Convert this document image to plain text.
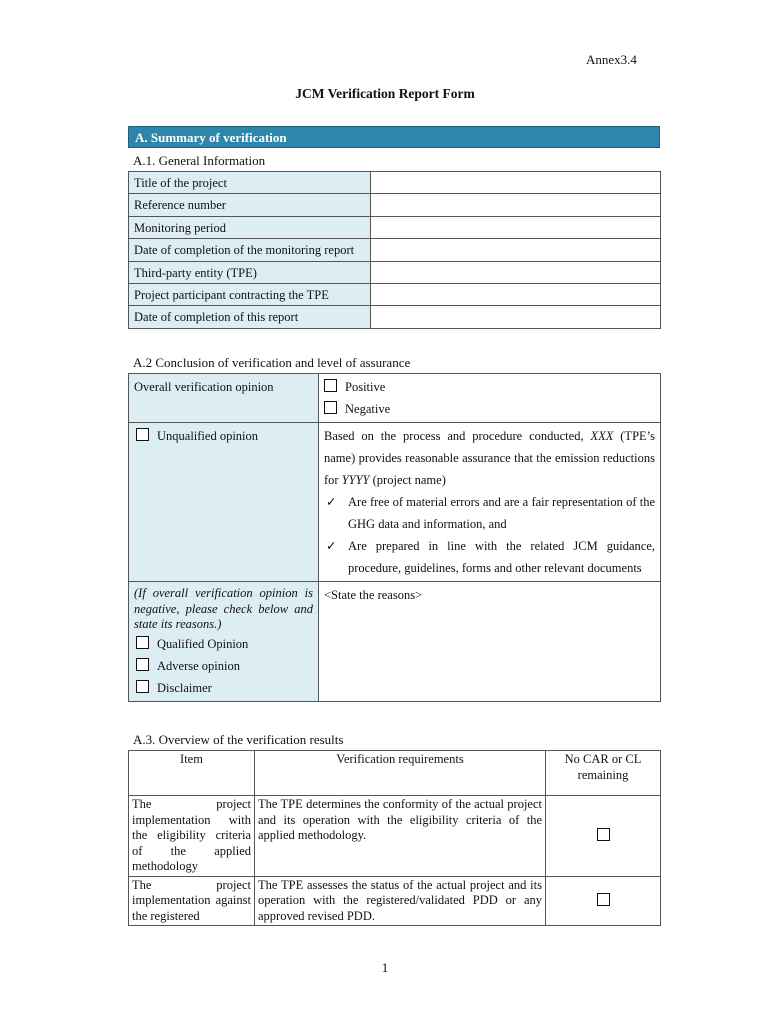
Annex3.4
JCM Verification Report Form
A. Summary of verification
A.1. General Information
Title of the project	
Reference number	
Monitoring period	
Date of completion of the monitoring report	
Third-party entity (TPE)	
Project participant contracting the TPE	
Date of completion of this report	
A.2 Conclusion of verification and level of assurance
Overall verification opinion	Positive
Negative

Unqualified opinion	Based on the process and procedure conducted, XXX (TPE’s name) provides reasonable assurance that the emission reductions for YYYY (project name)
✓ Are free of material errors and are a fair representation of the GHG data and information, and
✓ Are prepared in line with the related JCM guidance, procedure, guidelines, forms and other relevant documents

(If overall verification opinion is negative, please check below and state its reasons.)
Qualified Opinion
Adverse opinion
Disclaimer	<State the reasons>
A.3. Overview of the verification results
Item	Verification requirements	No CAR or CL remaining
The project implementation with the eligibility criteria of the applied methodology	The TPE determines the conformity of the actual project and its operation with the eligibility criteria of the applied methodology.	
The project implementation against the registered	The TPE assesses the status of the actual project and its operation with the registered/validated PDD or any approved revised PDD.	
1
